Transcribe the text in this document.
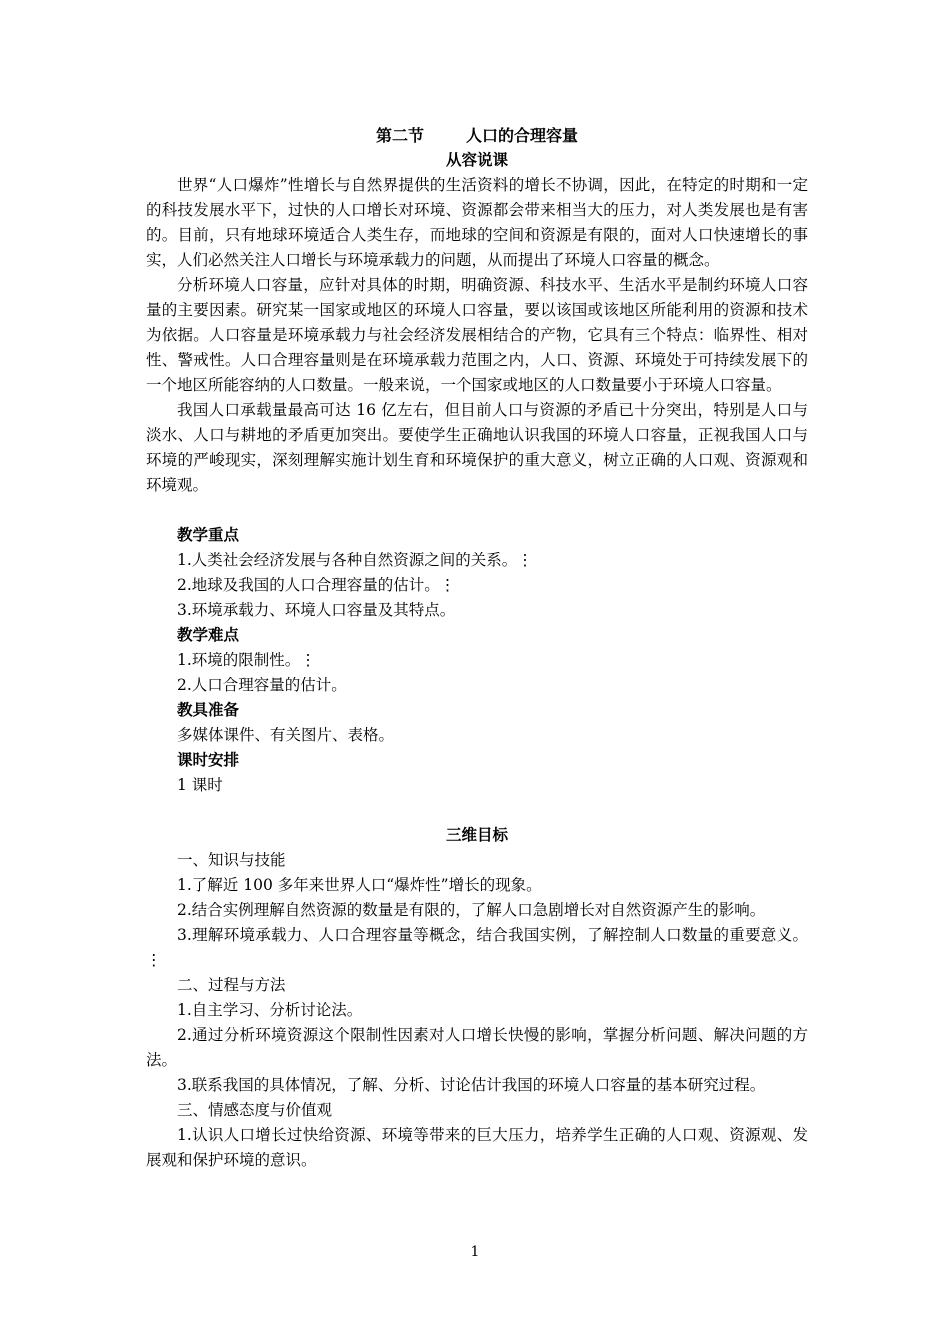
第二节	人口的合理容量
从容说课

世界“人口爆炸”性增长与自然界提供的生活资料的增长不协调，因此，在特定的时期和一定的科技发展水平下，过快的人口增长对环境、资源都会带来相当大的压力，对人类发展也是有害的。目前，只有地球环境适合人类生存，而地球的空间和资源是有限的，面对人口快速增长的事实，人们必然关注人口增长与环境承载力的问题，从而提出了环境人口容量的概念。

分析环境人口容量，应针对具体的时期，明确资源、科技水平、生活水平是制约环境人口容量的主要因素。研究某一国家或地区的环境人口容量，要以该国或该地区所能利用的资源和技术为依据。人口容量是环境承载力与社会经济发展相结合的产物，它具有三个特点：临界性、相对性、警戒性。人口合理容量则是在环境承载力范围之内，人口、资源、环境处于可持续发展下的一个地区所能容纳的人口数量。一般来说，一个国家或地区的人口数量要小于环境人口容量。

我国人口承载量最高可达 16 亿左右，但目前人口与资源的矛盾已十分突出，特别是人口与淡水、人口与耕地的矛盾更加突出。要使学生正确地认识我国的环境人口容量，正视我国人口与环境的严峻现实，深刻理解实施计划生育和环境保护的重大意义，树立正确的人口观、资源观和环境观。

教学重点

1.人类社会经济发展与各种自然资源之间的关系。⋮

2.地球及我国的人口合理容量的估计。⋮

3.环境承载力、环境人口容量及其特点。

教学难点

1.环境的限制性。⋮

2.人口合理容量的估计。

教具准备

多媒体课件、有关图片、表格。

课时安排

1 课时

三维目标

一、知识与技能

1.了解近 100 多年来世界人口“爆炸性”增长的现象。

2.结合实例理解自然资源的数量是有限的，了解人口急剧增长对自然资源产生的影响。

3.理解环境承载力、人口合理容量等概念，结合我国实例，了解控制人口数量的重要意义。⋮

二、过程与方法

1.自主学习、分析讨论法。

2.通过分析环境资源这个限制性因素对人口增长快慢的影响，掌握分析问题、解决问题的方法。

3.联系我国的具体情况，了解、分析、讨论估计我国的环境人口容量的基本研究过程。

三、情感态度与价值观

1.认识人口增长过快给资源、环境等带来的巨大压力，培养学生正确的人口观、资源观、发展观和保护环境的意识。

1
